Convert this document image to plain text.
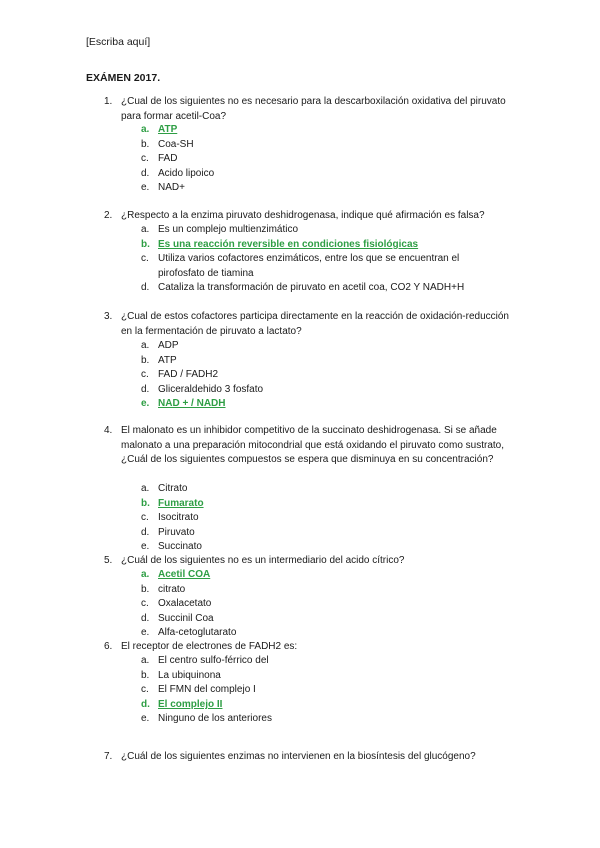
[Escriba aquí]
EXÁMEN 2017.
1. ¿Cual de los siguientes no es necesario para la descarboxilación oxidativa del piruvato para formar acetil-Coa?
a. ATP
b. Coa-SH
c. FAD
d. Acido lipoico
e. NAD+
2. ¿Respecto a la enzima piruvato deshidrogenasa, indique qué afirmación es falsa?
a. Es un complejo multienzimático
b. Es una reacción reversible en condiciones fisiológicas
c. Utiliza varios cofactores enzimáticos, entre los que se encuentran el pirofosfato de tiamina
d. Cataliza la transformación de piruvato en acetil coa, CO2 Y NADH+H
3. ¿Cual de estos cofactores participa directamente en la reacción de oxidación-reducción en la fermentación de piruvato a lactato?
a. ADP
b. ATP
c. FAD / FADH2
d. Gliceraldehido 3 fosfato
e. NAD + / NADH
4. El malonato es un inhibidor competitivo de la succinato deshidrogenasa. Si se añade malonato a una preparación mitocondrial que está oxidando el piruvato como sustrato, ¿Cuál de los siguientes compuestos se espera que disminuya en su concentración?
a. Citrato
b. Fumarato
c. Isocitrato
d. Piruvato
e. Succinato
5. ¿Cuál de los siguientes no es un intermediario del acido cítrico?
a. Acetil COA
b. citrato
c. Oxalacetato
d. Succinil Coa
e. Alfa-cetoglutarato
6. El receptor de electrones de FADH2 es:
a. El centro sulfo-férrico del
b. La ubiquinona
c. El FMN del complejo I
d. El complejo II
e. Ninguno de los anteriores
7. ¿Cuál de los siguientes enzimas no intervienen en la biosíntesis del glucógeno?
